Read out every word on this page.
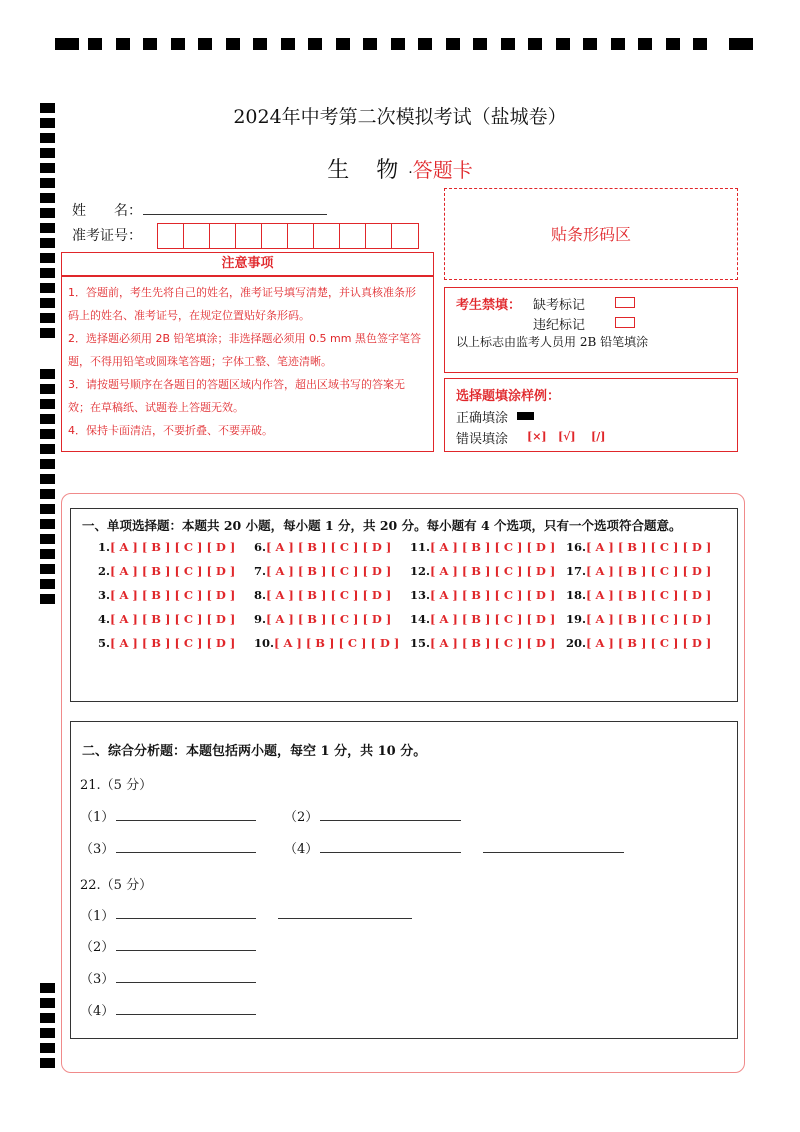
2024年中考第二次模拟考试（盐城卷）
生 物·答题卡
姓　　名：
准考证号：	贴条形码区
注意事项
1．答题前，考生先将自己的姓名，准考证号填写清楚，并认真核准条形码上的姓名、准考证号，在规定位置贴好条形码。
2．选择题必须用 2B 铅笔填涂；非选择题必须用 0.5 mm 黑色签字笔答题，不得用铅笔或圆珠笔答题；字体工整、笔迹清晰。
3．请按题号顺序在各题目的答题区域内作答，超出区域书写的答案无效；在草稿纸、试题卷上答题无效。
4．保持卡面清洁，不要折叠、不要弄破。
考生禁填： 缺考标记
违纪标记
以上标志由监考人员用 2B 铅笔填涂
选择题填涂样例：
正确填涂
错误填涂 [×] [√] [/]
一、单项选择题：本题共 20 小题，每小题 1 分，共 20 分。每小题有 4 个选项，只有一个选项符合题意。
1.[ A ] [ B ] [ C ] [ D ]
2.[ A ] [ B ] [ C ] [ D ]
3.[ A ] [ B ] [ C ] [ D ]
4.[ A ] [ B ] [ C ] [ D ]
5.[ A ] [ B ] [ C ] [ D ]
6.[ A ] [ B ] [ C ] [ D ]
7.[ A ] [ B ] [ C ] [ D ]
8.[ A ] [ B ] [ C ] [ D ]
9.[ A ] [ B ] [ C ] [ D ]
10.[ A ] [ B ] [ C ] [ D ]
11.[ A ] [ B ] [ C ] [ D ]
12.[ A ] [ B ] [ C ] [ D ]
13.[ A ] [ B ] [ C ] [ D ]
14.[ A ] [ B ] [ C ] [ D ]
15.[ A ] [ B ] [ C ] [ D ]
16.[ A ] [ B ] [ C ] [ D ]
17.[ A ] [ B ] [ C ] [ D ]
18.[ A ] [ B ] [ C ] [ D ]
19.[ A ] [ B ] [ C ] [ D ]
20.[ A ] [ B ] [ C ] [ D ]
二、综合分析题：本题包括两小题，每空 1 分，共 10 分。
21.（5 分）
（1）	（2）
（3）	（4）
22.（5 分）
（1）
（2）
（3）
（4）
